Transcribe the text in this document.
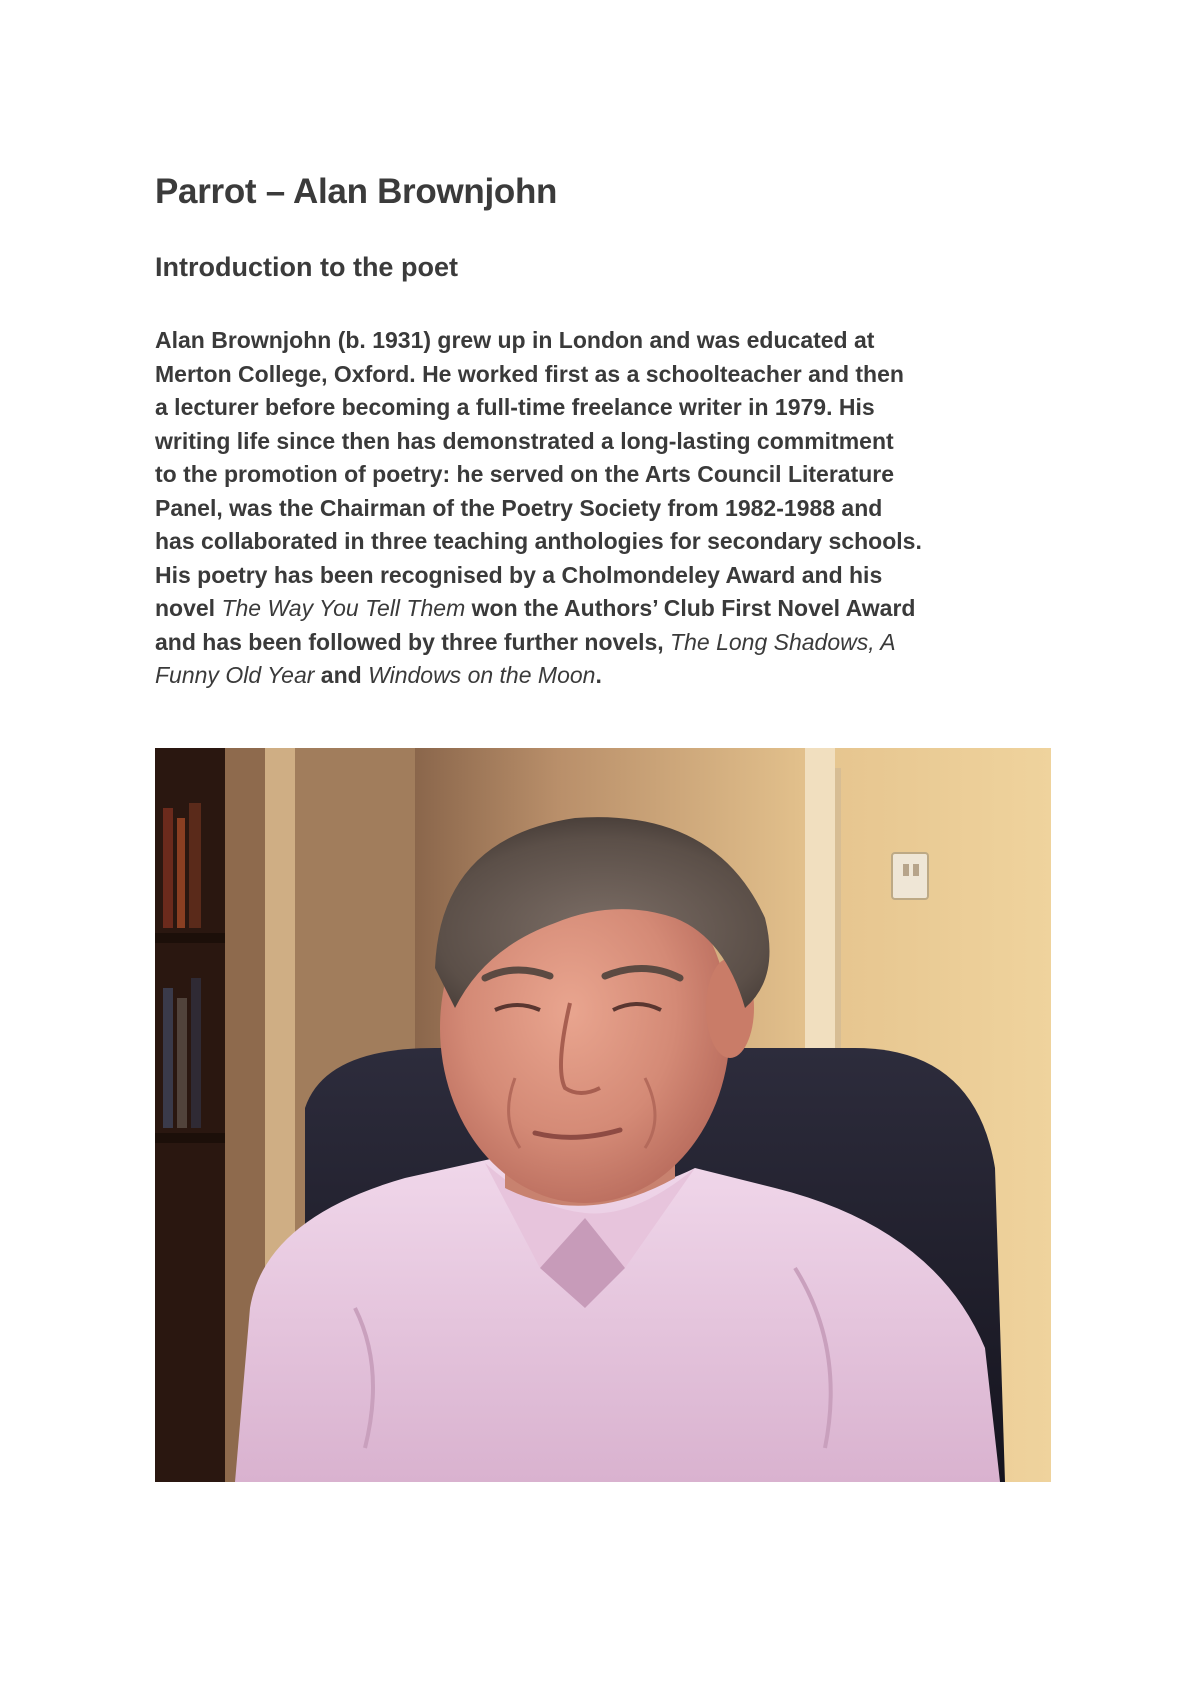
Parrot – Alan Brownjohn
Introduction to the poet

Alan Brownjohn (b. 1931) grew up in London and was educated at
Merton College, Oxford. He worked first as a schoolteacher and then
a lecturer before becoming a full-time freelance writer in 1979. His
writing life since then has demonstrated a long-lasting commitment
to the promotion of poetry: he served on the Arts Council Literature
Panel, was the Chairman of the Poetry Society from 1982-1988 and
has collaborated in three teaching anthologies for secondary schools.
His poetry has been recognised by a Cholmondeley Award and his
novel The Way You Tell Them won the Authors’ Club First Novel Award
and has been followed by three further novels, The Long Shadows, A
Funny Old Year and Windows on the Moon.
